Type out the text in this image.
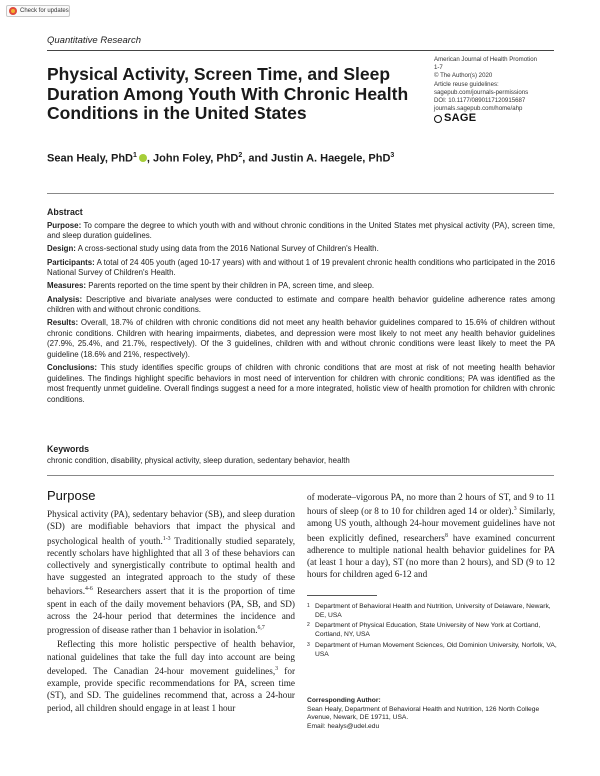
Check for updates
Quantitative Research
Physical Activity, Screen Time, and Sleep Duration Among Youth With Chronic Health Conditions in the United States
American Journal of Health Promotion
1-7
© The Author(s) 2020
Article reuse guidelines:
sagepub.com/journals-permissions
DOI: 10.1177/0890117120915687
journals.sagepub.com/home/ahp
SAGE
Sean Healy, PhD$^1$ , John Foley, PhD$^2$, and Justin A. Haegele, PhD$^3$
Abstract

Purpose: To compare the degree to which youth with and without chronic conditions in the United States met physical activity (PA), screen time, and sleep duration guidelines.

Design: A cross-sectional study using data from the 2016 National Survey of Children's Health.

Participants: A total of 24 405 youth (aged 10-17 years) with and without 1 of 19 prevalent chronic health conditions who participated in the 2016 National Survey of Children's Health.

Measures: Parents reported on the time spent by their children in PA, screen time, and sleep.

Analysis: Descriptive and bivariate analyses were conducted to estimate and compare health behavior guideline adherence rates among children with and without chronic conditions.

Results: Overall, 18.7% of children with chronic conditions did not meet any health behavior guidelines compared to 15.6% of children without chronic conditions. Children with hearing impairments, diabetes, and depression were most likely to not meet any health behavior guidelines (27.9%, 25.4%, and 21.7%, respectively). Of the 3 guidelines, children with and without chronic conditions were least likely to meet the PA guideline (18.6% and 21%, respectively).

Conclusions: This study identifies specific groups of children with chronic conditions that are most at risk of not meeting health behavior guidelines. The findings highlight specific behaviors in most need of intervention for children with chronic conditions; PA was identified as the most frequently unmet guideline. Overall findings suggest a need for a more integrated, holistic view of health promotion for children with chronic conditions.

Keywords
chronic condition, disability, physical activity, sleep duration, sedentary behavior, health
Purpose

Physical activity (PA), sedentary behavior (SB), and sleep duration (SD) are modifiable behaviors that impact the physical and psychological health of youth.$^{1-3}$ Traditionally studied separately, recently scholars have highlighted that all 3 of these behaviors can collectively and synergistically contribute to optimal health and have suggested an integrated approach to the study of these behaviors.$^{4-6}$ Researchers assert that it is the proportion of time spent in each of the daily movement behaviors (PA, SB, and SD) across the 24-hour period that determines the incidence and progression of disease rather than 1 behavior in isolation.$^{6,7}$

Reflecting this more holistic perspective of health behavior, national guidelines that take the full day into account are being developed. The Canadian 24-hour movement guidelines,$^3$ for example, provide specific recommendations for PA, screen time (ST), and SD. The guidelines recommend that, across a 24-hour period, all children should engage in at least 1 hour

of moderate–vigorous PA, no more than 2 hours of ST, and 9 to 11 hours of sleep (or 8 to 10 for children aged 14 or older).$^3$ Similarly, among US youth, although 24-hour movement guidelines have not been explicitly defined, researchers$^8$ have examined concurrent adherence to multiple national health behavior guidelines for PA (at least 1 hour a day), ST (no more than 2 hours), and SD (9 to 12 hours for children aged 6-12 and

1 Department of Behavioral Health and Nutrition, University of Delaware, Newark, DE, USA
2 Department of Physical Education, State University of New York at Cortland, Cortland, NY, USA
3 Department of Human Movement Sciences, Old Dominion University, Norfolk, VA, USA
Corresponding Author:
Sean Healy, Department of Behavioral Health and Nutrition, 126 North College Avenue, Newark, DE 19711, USA.
Email: healys@udel.edu
